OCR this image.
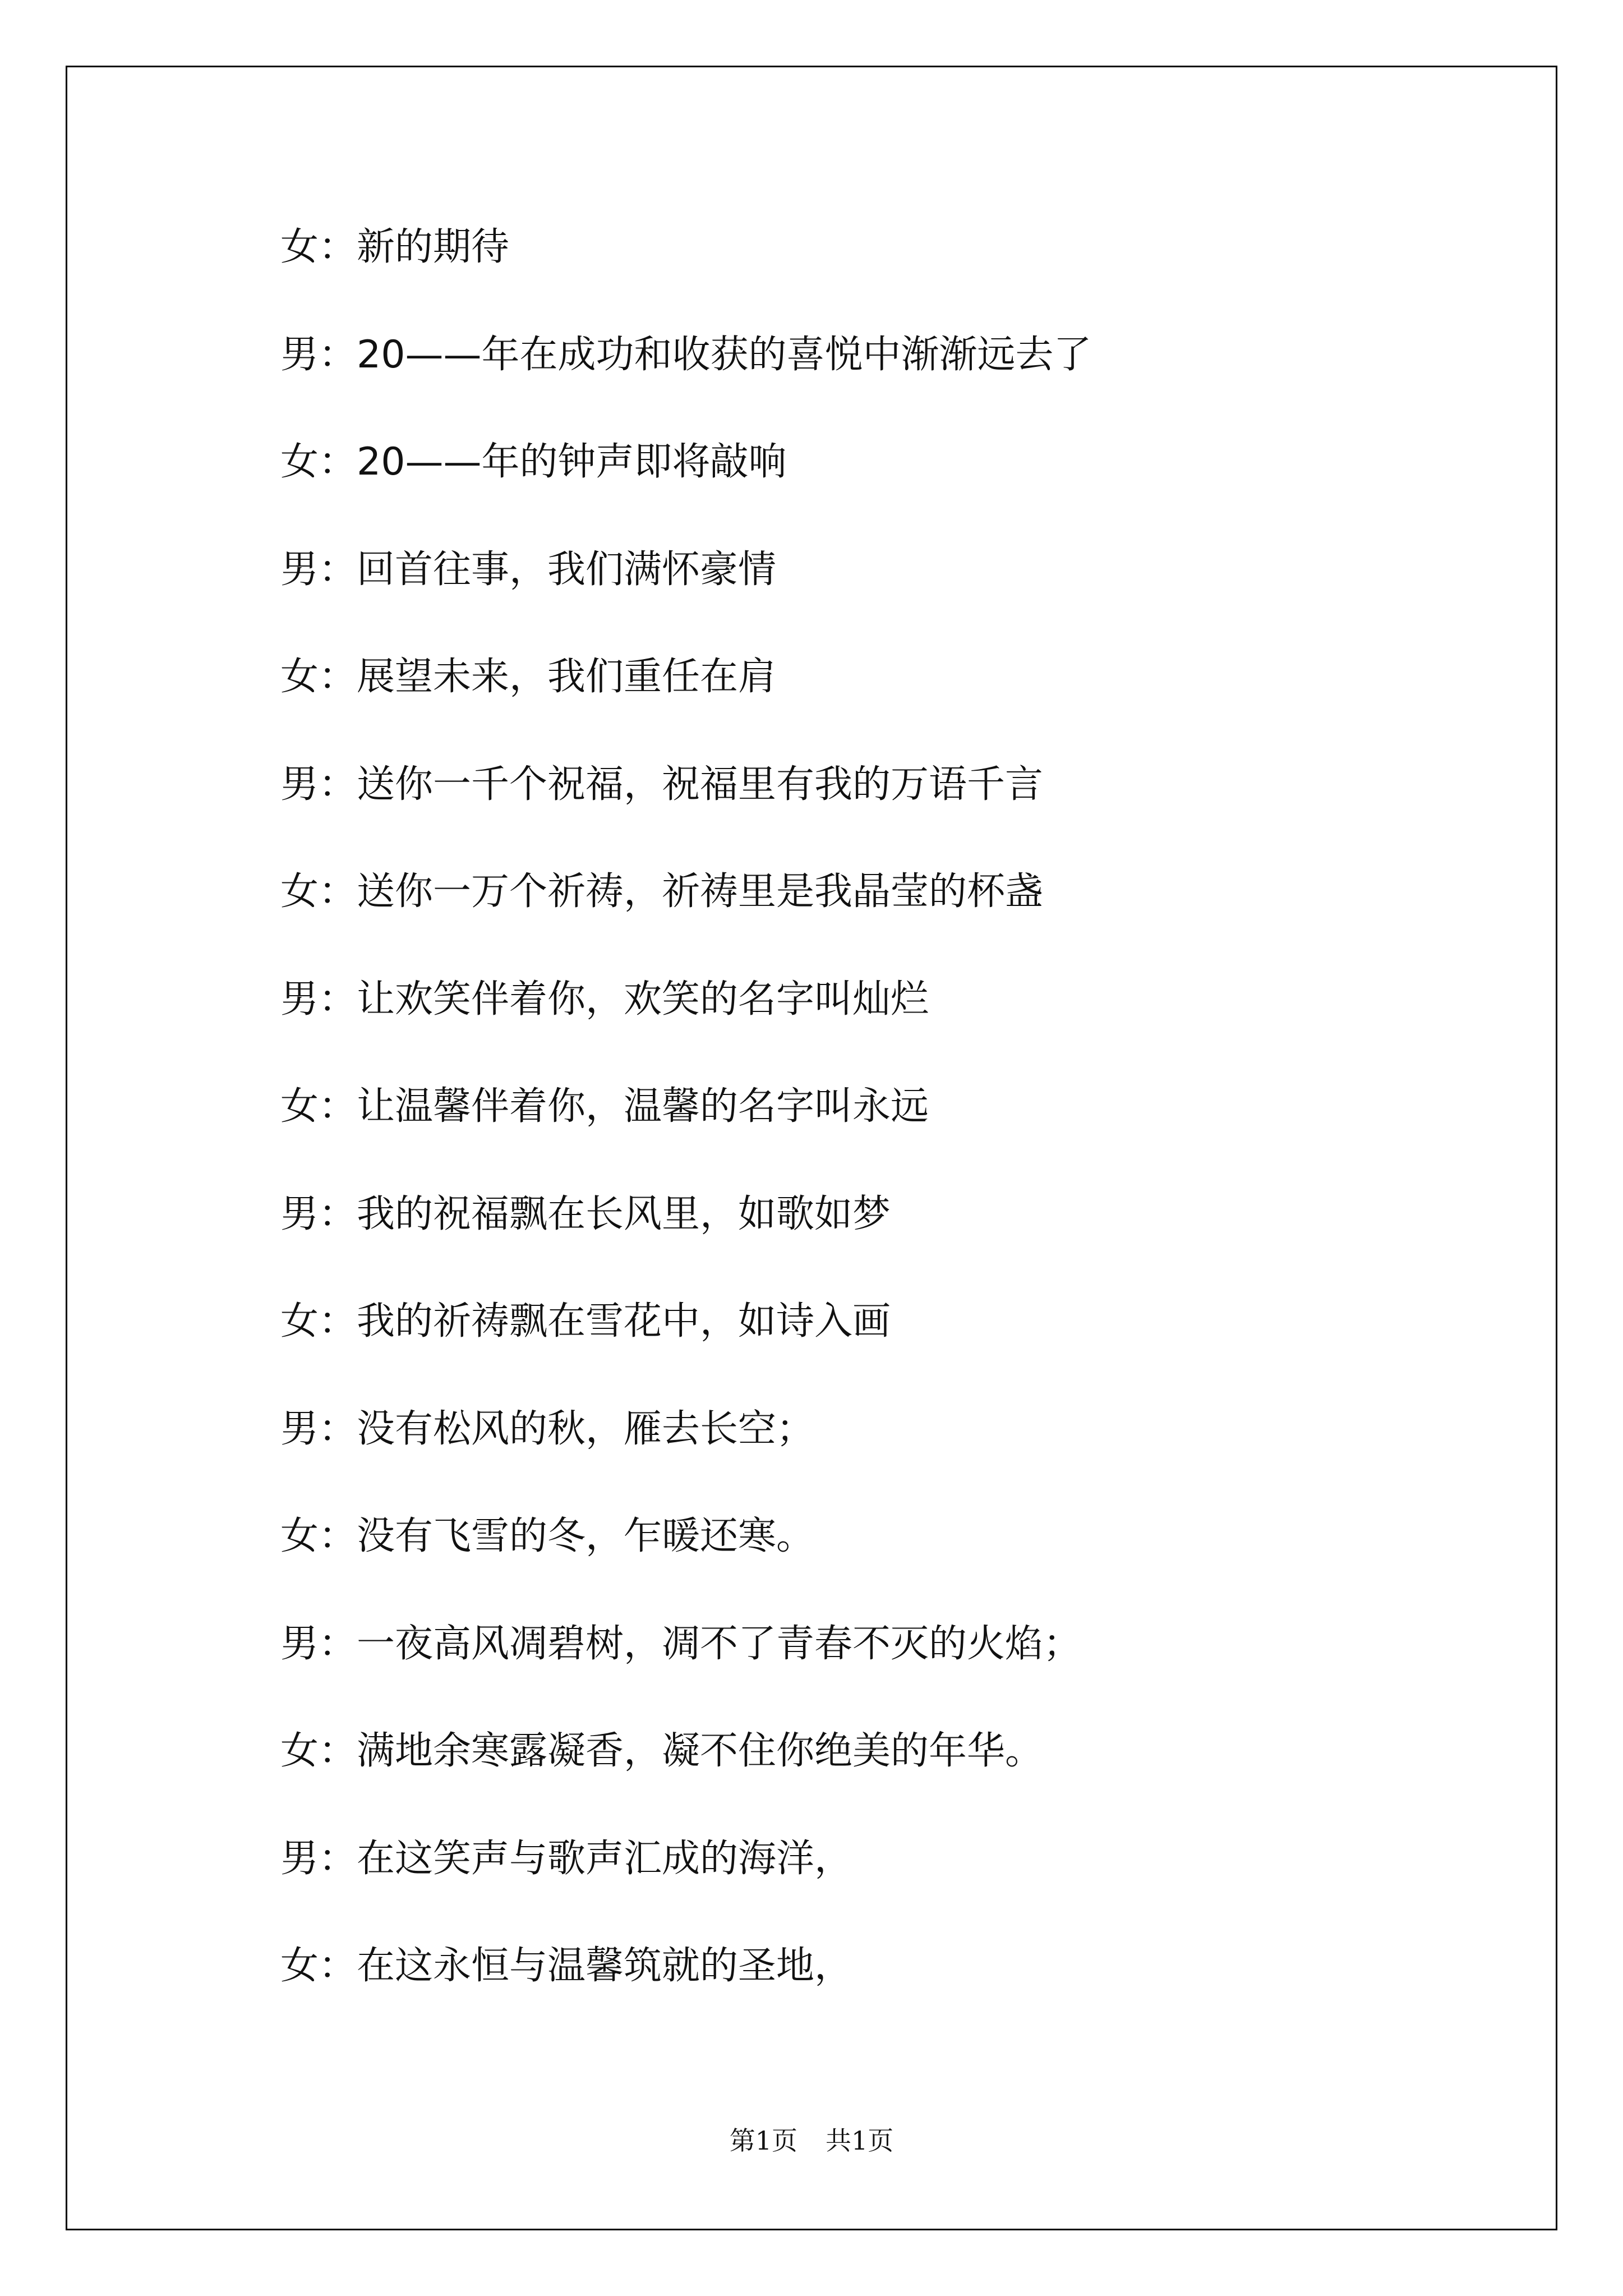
女：新的期待
男：20——年在成功和收获的喜悦中渐渐远去了
女：20——年的钟声即将敲响
男：回首往事，我们满怀豪情
女：展望未来，我们重任在肩
男：送你一千个祝福，祝福里有我的万语千言
女：送你一万个祈祷，祈祷里是我晶莹的杯盏
男：让欢笑伴着你，欢笑的名字叫灿烂
女：让温馨伴着你，温馨的名字叫永远
男：我的祝福飘在长风里，如歌如梦
女：我的祈祷飘在雪花中，如诗入画
男：没有松风的秋，雁去长空；
女：没有飞雪的冬，乍暖还寒。
男：一夜高风凋碧树，凋不了青春不灭的火焰；
女：满地余寒露凝香，凝不住你绝美的年华。
男：在这笑声与歌声汇成的海洋，
女：在这永恒与温馨筑就的圣地，
第1页 共1页
